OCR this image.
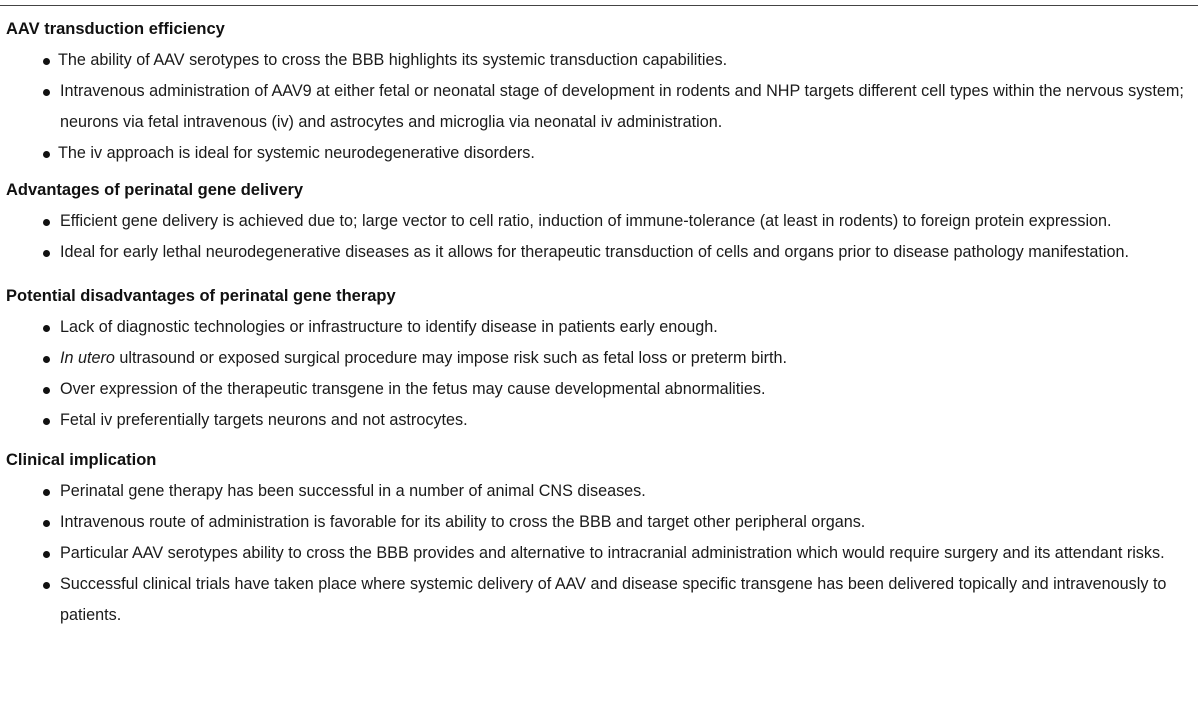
AAV transduction efficiency
The ability of AAV serotypes to cross the BBB highlights its systemic transduction capabilities.
Intravenous administration of AAV9 at either fetal or neonatal stage of development in rodents and NHP targets different cell types within the nervous system; neurons via fetal intravenous (iv) and astrocytes and microglia via neonatal iv administration.
The iv approach is ideal for systemic neurodegenerative disorders.
Advantages of perinatal gene delivery
Efficient gene delivery is achieved due to; large vector to cell ratio, induction of immune-tolerance (at least in rodents) to foreign protein expression.
Ideal for early lethal neurodegenerative diseases as it allows for therapeutic transduction of cells and organs prior to disease pathology manifestation.
Potential disadvantages of perinatal gene therapy
Lack of diagnostic technologies or infrastructure to identify disease in patients early enough.
In utero ultrasound or exposed surgical procedure may impose risk such as fetal loss or preterm birth.
Over expression of the therapeutic transgene in the fetus may cause developmental abnormalities.
Fetal iv preferentially targets neurons and not astrocytes.
Clinical implication
Perinatal gene therapy has been successful in a number of animal CNS diseases.
Intravenous route of administration is favorable for its ability to cross the BBB and target other peripheral organs.
Particular AAV serotypes ability to cross the BBB provides and alternative to intracranial administration which would require surgery and its attendant risks.
Successful clinical trials have taken place where systemic delivery of AAV and disease specific transgene has been delivered topically and intravenously to patients.
